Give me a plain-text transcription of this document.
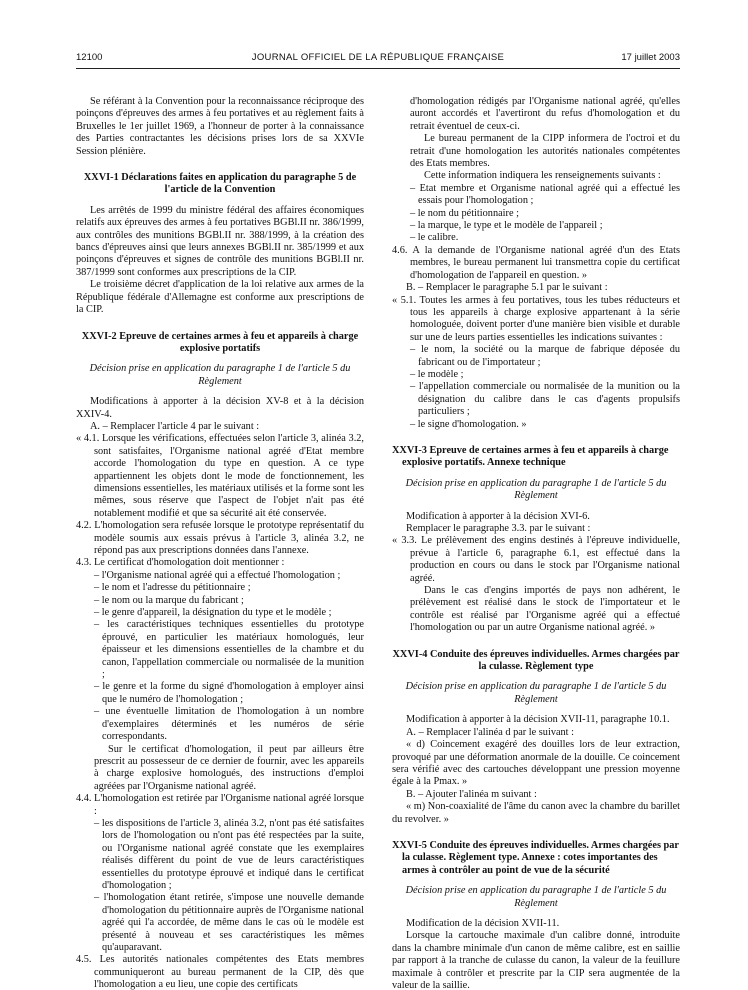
12100	JOURNAL OFFICIEL DE LA RÉPUBLIQUE FRANÇAISE	17 juillet 2003

Se référant à la Convention pour la reconnaissance réciproque des poinçons d'épreuves des armes à feu portatives et au règlement faits à Bruxelles le 1er juillet 1969, a l'honneur de porter à la connaissance des Parties contractantes les décisions prises lors de sa XXVIe Session plénière.

XXVI-1 Déclarations faites en application du paragraphe 5 de l'article de la Convention

Les arrêtés de 1999 du ministre fédéral des affaires économiques relatifs aux épreuves des armes à feu portatives BGBl.II nr. 386/1999, aux contrôles des munitions BGBl.II nr. 388/1999, à la création des bancs d'épreuves ainsi que leurs annexes BGBl.II nr. 385/1999 et aux poinçons d'épreuves et signes de contrôle des munitions BGBl.II nr. 387/1999 sont conformes aux prescriptions de la CIP.

Le troisième décret d'application de la loi relative aux armes de la République fédérale d'Allemagne est conforme aux prescriptions de la CIP.

XXVI-2 Epreuve de certaines armes à feu et appareils à charge explosive portatifs

Décision prise en application du paragraphe 1 de l'article 5 du Règlement

Modifications à apporter à la décision XV-8 et à la décision XXIV-4.

A. – Remplacer l'article 4 par le suivant :

« 4.1. Lorsque les vérifications, effectuées selon l'article 3, alinéa 3.2, sont satisfaites, l'Organisme national agréé d'Etat membre accorde l'homologation du type en question. A ce type appartiennent les objets dont le mode de fonctionnement, les dimensions essentielles, les matériaux utilisés et la forme sont les mêmes, sous réserve que l'aspect de l'objet n'ait pas été notablement modifié et que sa sécurité ait été conservée.

4.2. L'homologation sera refusée lorsque le prototype représentatif du modèle soumis aux essais prévus à l'article 3, alinéa 3.2, ne répond pas aux prescriptions données dans l'annexe.

4.3. Le certificat d'homologation doit mentionner :

– l'Organisme national agréé qui a effectué l'homologation ;

– le nom et l'adresse du pétitionnaire ;

– le nom ou la marque du fabricant ;

– le genre d'appareil, la désignation du type et le modèle ;

– les caractéristiques techniques essentielles du prototype éprouvé, en particulier les matériaux homologués, leur épaisseur et les dimensions essentielles de la chambre et du canon, l'appellation commerciale ou normalisée de la munition ;

– le genre et la forme du signé d'homologation à employer ainsi que le numéro de l'homologation ;

– une éventuelle limitation de l'homologation à un nombre d'exemplaires déterminés et les numéros de série correspondants.

Sur le certificat d'homologation, il peut par ailleurs être prescrit au possesseur de ce dernier de fournir, avec les appareils à charge explosive homologués, des instructions d'emploi agréées par l'Organisme national agréé.

4.4. L'homologation est retirée par l'Organisme national agréé lorsque :

– les dispositions de l'article 3, alinéa 3.2, n'ont pas été satisfaites lors de l'homologation ou n'ont pas été respectées par la suite, ou l'Organisme national agréé constate que les exemplaires réalisés diffèrent du point de vue de leurs caractéristiques essentielles du prototype éprouvé et indiqué dans le certificat d'homologation ;

– l'homologation étant retirée, s'impose une nouvelle demande d'homologation du pétitionnaire auprès de l'Organisme national agréé qui l'a accordée, de même dans le cas où le modèle est présenté à nouveau et ses caractéristiques les mêmes qu'auparavant.

4.5. Les autorités nationales compétentes des Etats membres communiqueront au bureau permanent de la CIP, dès que l'homologation a eu lieu, une copie des certificats

d'homologation rédigés par l'Organisme national agréé, qu'elles auront accordés et l'avertiront du refus d'homologation et du retrait éventuel de ceux-ci.

Le bureau permanent de la CIPP informera de l'octroi et du retrait d'une homologation les autorités nationales compétentes des Etats membres.

Cette information indiquera les renseignements suivants :

– Etat membre et Organisme national agréé qui a effectué les essais pour l'homologation ;

– le nom du pétitionnaire ;

– la marque, le type et le modèle de l'appareil ;

– le calibre.

4.6. A la demande de l'Organisme national agréé d'un des Etats membres, le bureau permanent lui transmettra copie du certificat d'homologation de l'appareil en question. »

B. – Remplacer le paragraphe 5.1 par le suivant :

« 5.1. Toutes les armes à feu portatives, tous les tubes réducteurs et tous les appareils à charge explosive appartenant à la série homologuée, doivent porter d'une manière bien visible et durable sur une de leurs parties essentielles les indications suivantes :

– le nom, la société ou la marque de fabrique déposée du fabricant ou de l'importateur ;

– le modèle ;

– l'appellation commerciale ou normalisée de la munition ou la désignation du calibre dans le cas d'agents propulsifs particuliers ;

– le signe d'homologation. »

XXVI-3 Epreuve de certaines armes à feu et appareils à charge explosive portatifs. Annexe technique

Décision prise en application du paragraphe 1 de l'article 5 du Règlement

Modification à apporter à la décision XVI-6.

Remplacer le paragraphe 3.3. par le suivant :

« 3.3. Le prélèvement des engins destinés à l'épreuve individuelle, prévue à l'article 6, paragraphe 6.1, est effectué dans la production en cours ou dans le stock par l'Organisme national agréé.

Dans le cas d'engins importés de pays non adhérent, le prélèvement est réalisé dans le stock de l'importateur et le contrôle est réalisé par l'Organisme agréé qui a effectué l'homologation ou par un autre Organisme national agréé. »

XXVI-4 Conduite des épreuves individuelles. Armes chargées par la culasse. Règlement type

Décision prise en application du paragraphe 1 de l'article 5 du Règlement

Modification à apporter à la décision XVII-11, paragraphe 10.1.

A. – Remplacer l'alinéa d par le suivant :

« d) Coincement exagéré des douilles lors de leur extraction, provoqué par une déformation anormale de la douille. Ce coincement sera vérifié avec des cartouches développant une pression moyenne égale à la Pmax. »

B. – Ajouter l'alinéa m suivant :

« m) Non-coaxialité de l'âme du canon avec la chambre du barillet du revolver. »

XXVI-5 Conduite des épreuves individuelles. Armes chargées par la culasse. Règlement type. Annexe : cotes importantes des armes à contrôler au point de vue de la sécurité

Décision prise en application du paragraphe 1 de l'article 5 du Règlement

Modification de la décision XVII-11.

Lorsque la cartouche maximale d'un calibre donné, introduite dans la chambre minimale d'un canon de même calibre, est en saillie par rapport à la tranche de culasse du canon, la valeur de la feuillure maximale à contrôler et prescrite par la CIP sera augmentée de la valeur de la saillie.
